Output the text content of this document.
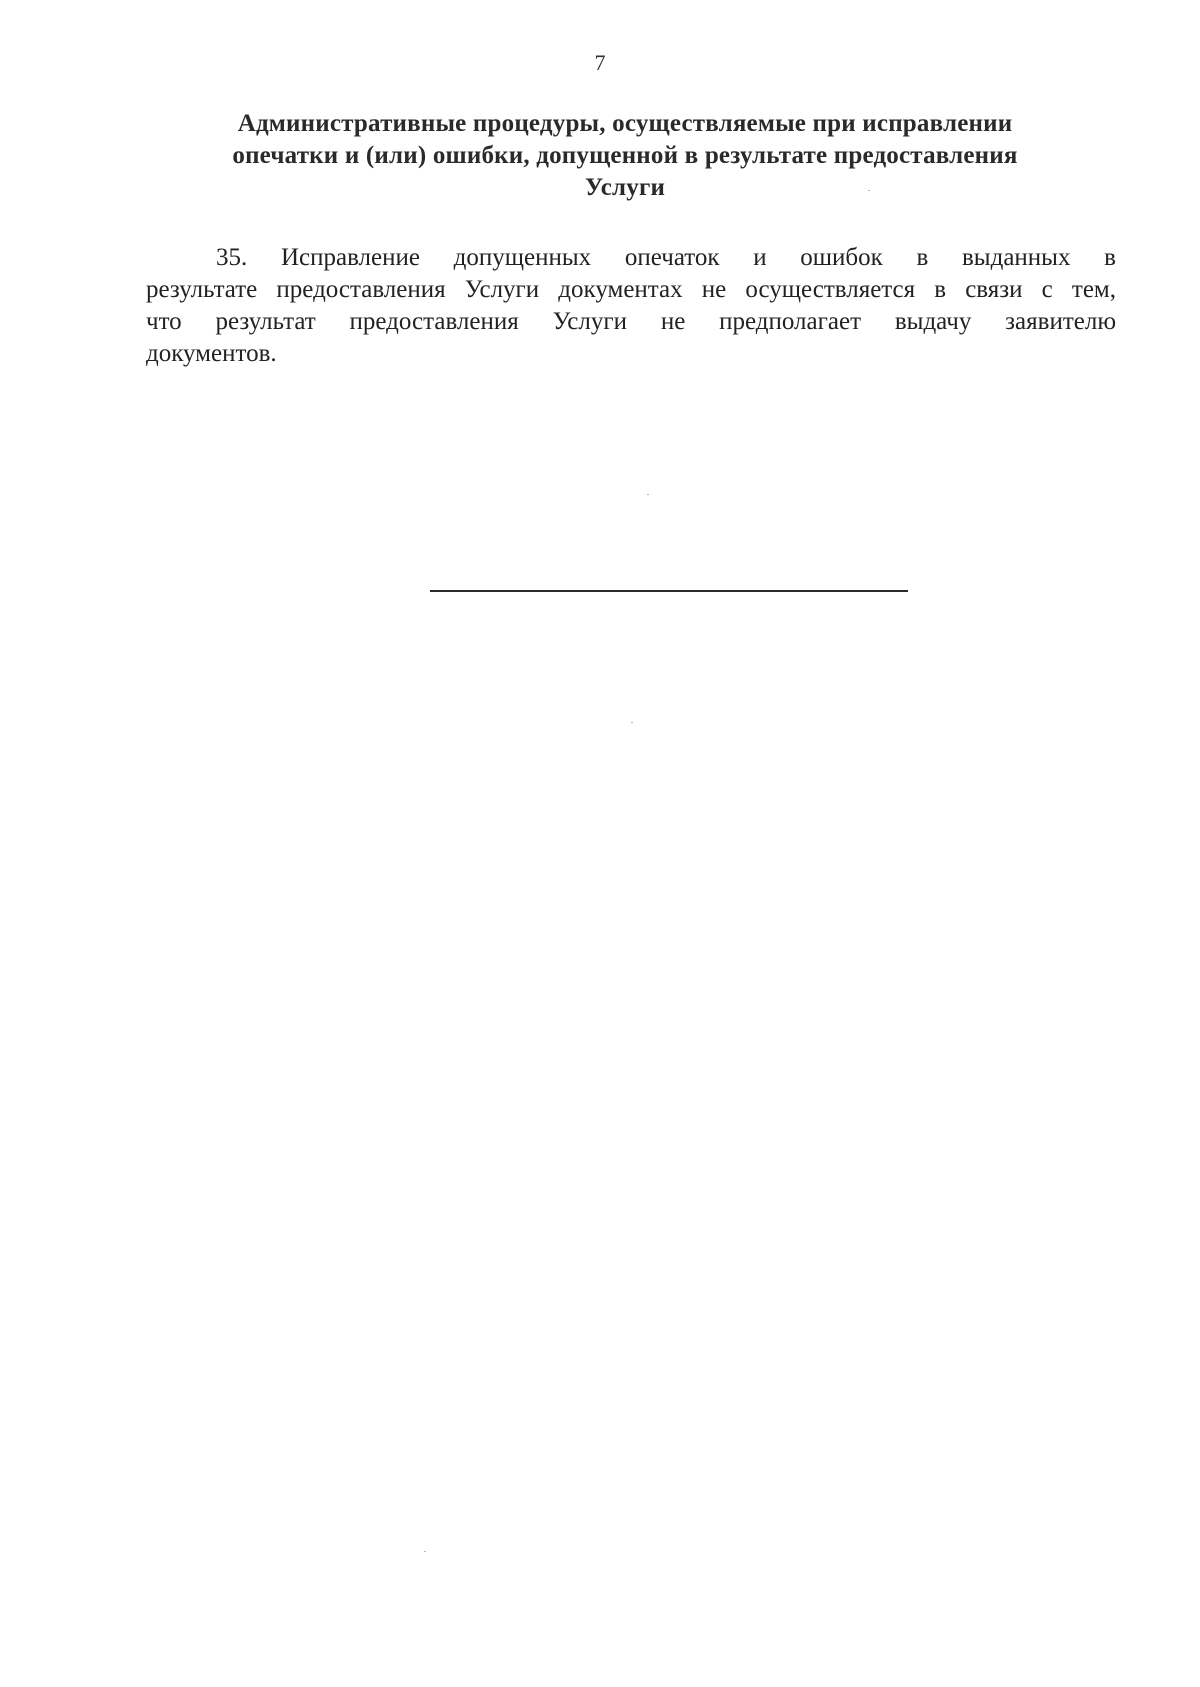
7
Административные процедуры, осуществляемые при исправлении
опечатки и (или) ошибки, допущенной в результате предоставления
Услуги
35. Исправление допущенных опечаток и ошибок в выданных в
результате предоставления Услуги документах не осуществляется в связи с тем,
что результат предоставления Услуги не предполагает выдачу заявителю
документов.
